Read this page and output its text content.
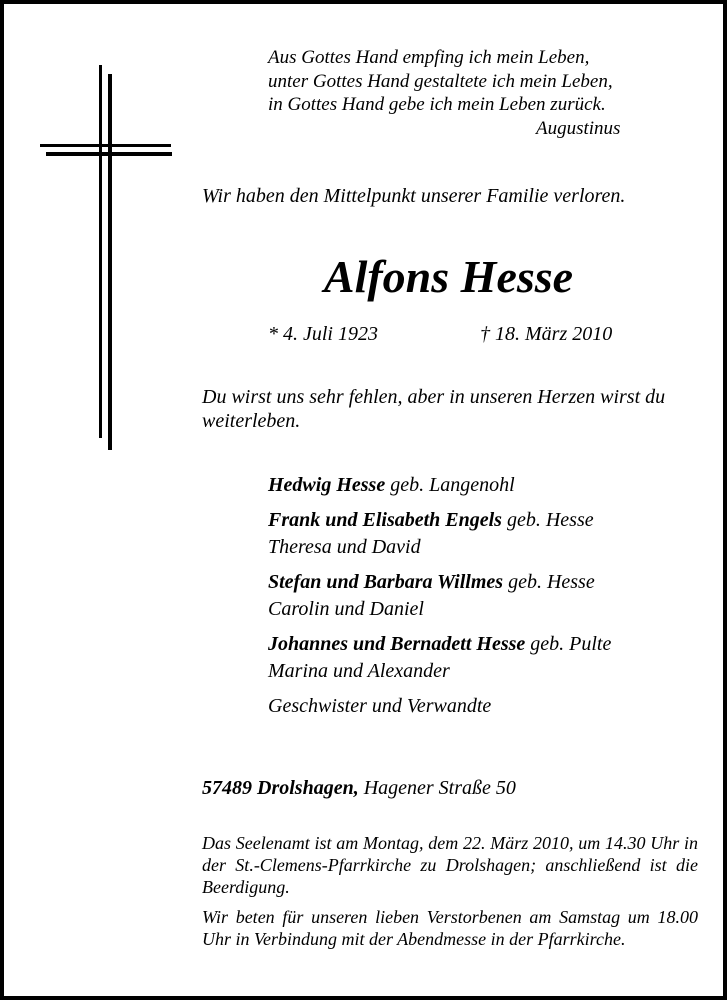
Aus Gottes Hand empfing ich mein Leben,
unter Gottes Hand gestaltete ich mein Leben,
in Gottes Hand gebe ich mein Leben zurück.
Augustinus
Wir haben den Mittelpunkt unserer Familie verloren.
Alfons Hesse
* 4. Juli 1923	† 18. März 2010
Du wirst uns sehr fehlen, aber in unseren Herzen wirst du weiterleben.
Hedwig Hesse geb. Langenohl
Frank und Elisabeth Engels geb. Hesse
Theresa und David
Stefan und Barbara Willmes geb. Hesse
Carolin und Daniel
Johannes und Bernadett Hesse geb. Pulte
Marina und Alexander
Geschwister und Verwandte
57489 Drolshagen, Hagener Straße 50
Das Seelenamt ist am Montag, dem 22. März 2010, um 14.30 Uhr in der St.-Clemens-Pfarrkirche zu Drolshagen; anschließend ist die Beerdigung.
Wir beten für unseren lieben Verstorbenen am Samstag um 18.00 Uhr in Verbindung mit der Abendmesse in der Pfarrkirche.
